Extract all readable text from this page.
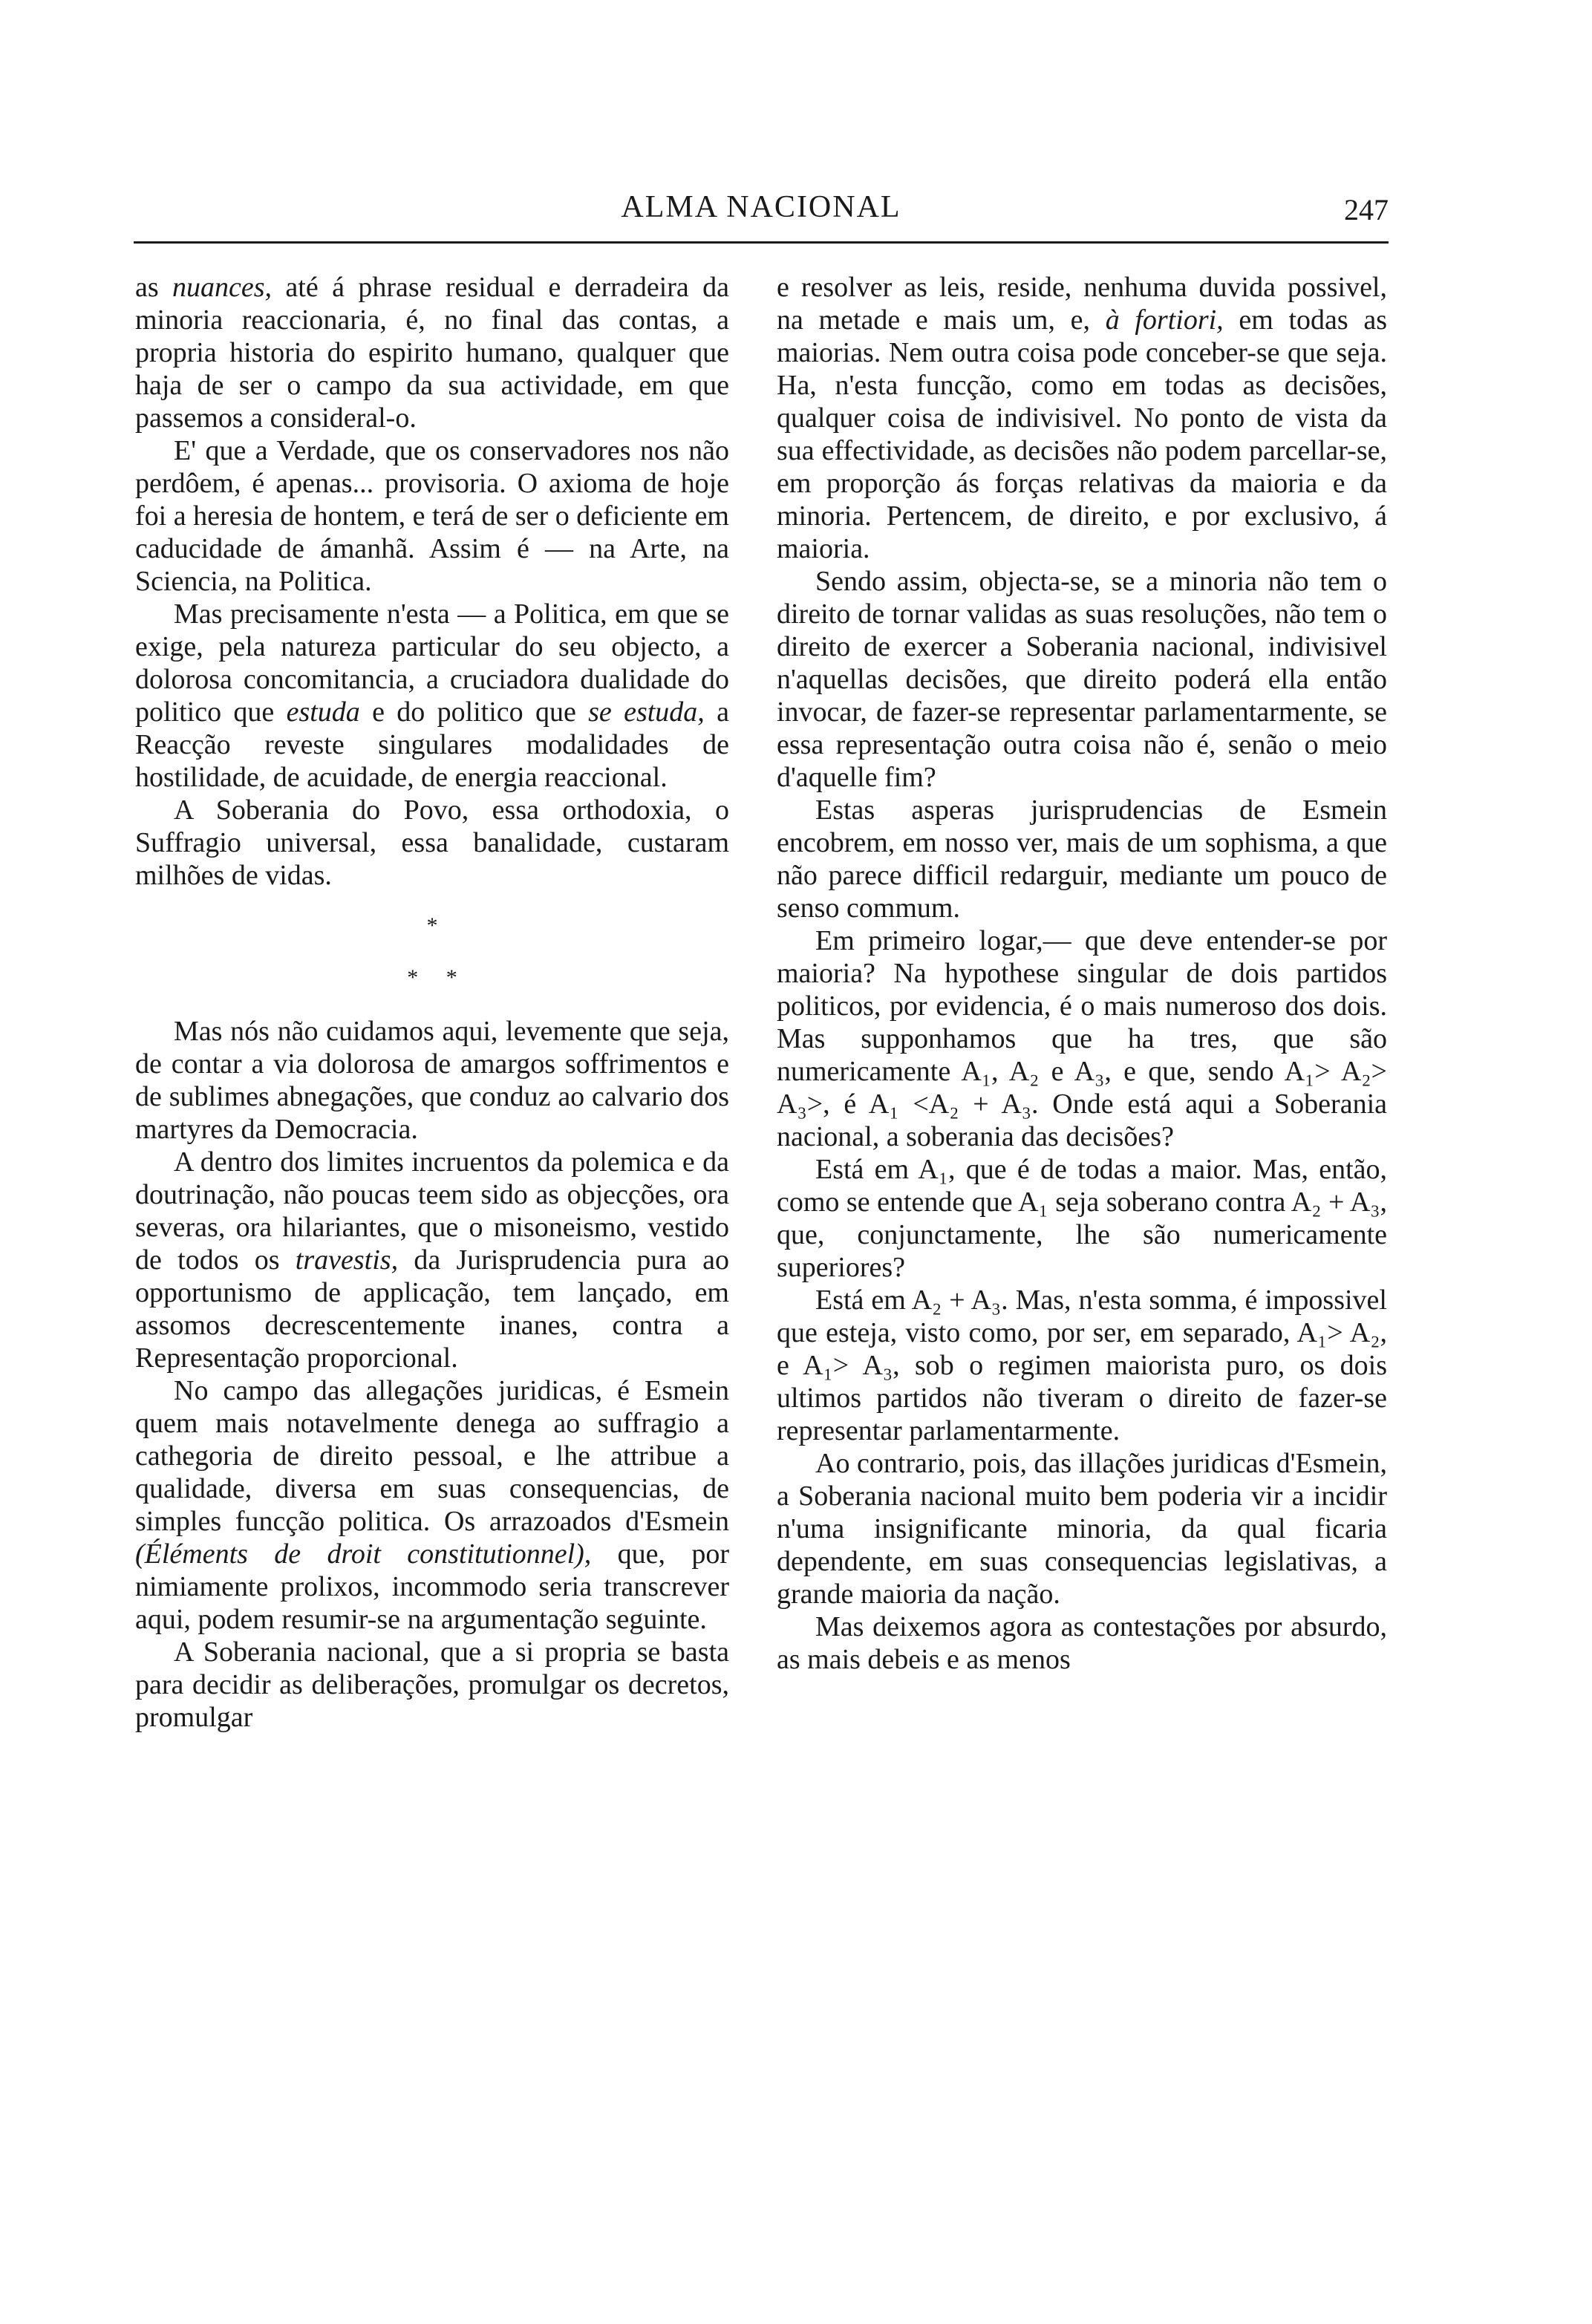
ALMA NACIONAL	247

as nuances, até á phrase residual e derradeira da minoria reaccionaria, é, no final das contas, a propria historia do espirito humano, qualquer que haja de ser o campo da sua actividade, em que passemos a consideral-o.

E' que a Verdade, que os conservadores nos não perdôem, é apenas... provisoria. O axioma de hoje foi a heresia de hontem, e terá de ser o deficiente em caducidade de ámanhã. Assim é — na Arte, na Sciencia, na Politica.

Mas precisamente n'esta — a Politica, em que se exige, pela natureza particular do seu objecto, a dolorosa concomitancia, a cruciadora dualidade do politico que estuda e do politico que se estuda, a Reacção reveste singulares modalidades de hostilidade, de acuidade, de energia reaccional.

A Soberania do Povo, essa orthodoxia, o Suffragio universal, essa banalidade, custaram milhões de vidas.

*
* *

Mas nós não cuidamos aqui, levemente que seja, de contar a via dolorosa de amargos soffrimentos e de sublimes abnegações, que conduz ao calvario dos martyres da Democracia.

A dentro dos limites incruentos da polemica e da doutrinação, não poucas teem sido as objecções, ora severas, ora hilariantes, que o misoneismo, vestido de todos os travestis, da Jurisprudencia pura ao opportunismo de applicação, tem lançado, em assomos decrescentemente inanes, contra a Representação proporcional.

No campo das allegações juridicas, é Esmein quem mais notavelmente denega ao suffragio a cathegoria de direito pessoal, e lhe attribue a qualidade, diversa em suas consequencias, de simples funcção politica. Os arrazoados d'Esmein (Éléments de droit constitutionnel), que, por nimiamente prolixos, incommodo seria transcrever aqui, podem resumir-se na argumentação seguinte.

A Soberania nacional, que a si propria se basta para decidir as deliberações, promulgar os decretos, promulgar

e resolver as leis, reside, nenhuma duvida possivel, na metade e mais um, e, à fortiori, em todas as maiorias. Nem outra coisa pode conceber-se que seja. Ha, n'esta funcção, como em todas as decisões, qualquer coisa de indivisivel. No ponto de vista da sua effectividade, as decisões não podem parcellar-se, em proporção ás forças relativas da maioria e da minoria. Pertencem, de direito, e por exclusivo, á maioria.

Sendo assim, objecta-se, se a minoria não tem o direito de tornar validas as suas resoluções, não tem o direito de exercer a Soberania nacional, indivisivel n'aquellas decisões, que direito poderá ella então invocar, de fazer-se representar parlamentarmente, se essa representação outra coisa não é, senão o meio d'aquelle fim?

Estas asperas jurisprudencias de Esmein encobrem, em nosso ver, mais de um sophisma, a que não parece difficil redarguir, mediante um pouco de senso commum.

Em primeiro logar,— que deve entender-se por maioria? Na hypothese singular de dois partidos politicos, por evidencia, é o mais numeroso dos dois. Mas supponhamos que ha tres, que são numericamente A₁, A₂ e A₃, e que, sendo A₁> A₂> A₃>, é A₁ <A₂ + A₃. Onde está aqui a Soberania nacional, a soberania das decisões?

Está em A₁, que é de todas a maior. Mas, então, como se entende que A₁ seja soberano contra A₂ + A₃, que, conjunctamente, lhe são numericamente superiores?

Está em A₂ + A₃. Mas, n'esta somma, é impossivel que esteja, visto como, por ser, em separado, A₁> A₂, e A₁> A₃, sob o regimen maiorista puro, os dois ultimos partidos não tiveram o direito de fazer-se representar parlamentarmente.

Ao contrario, pois, das illações juridicas d'Esmein, a Soberania nacional muito bem poderia vir a incidir n'uma insignificante minoria, da qual ficaria dependente, em suas consequencias legislativas, a grande maioria da nação.

Mas deixemos agora as contestações por absurdo, as mais debeis e as menos
